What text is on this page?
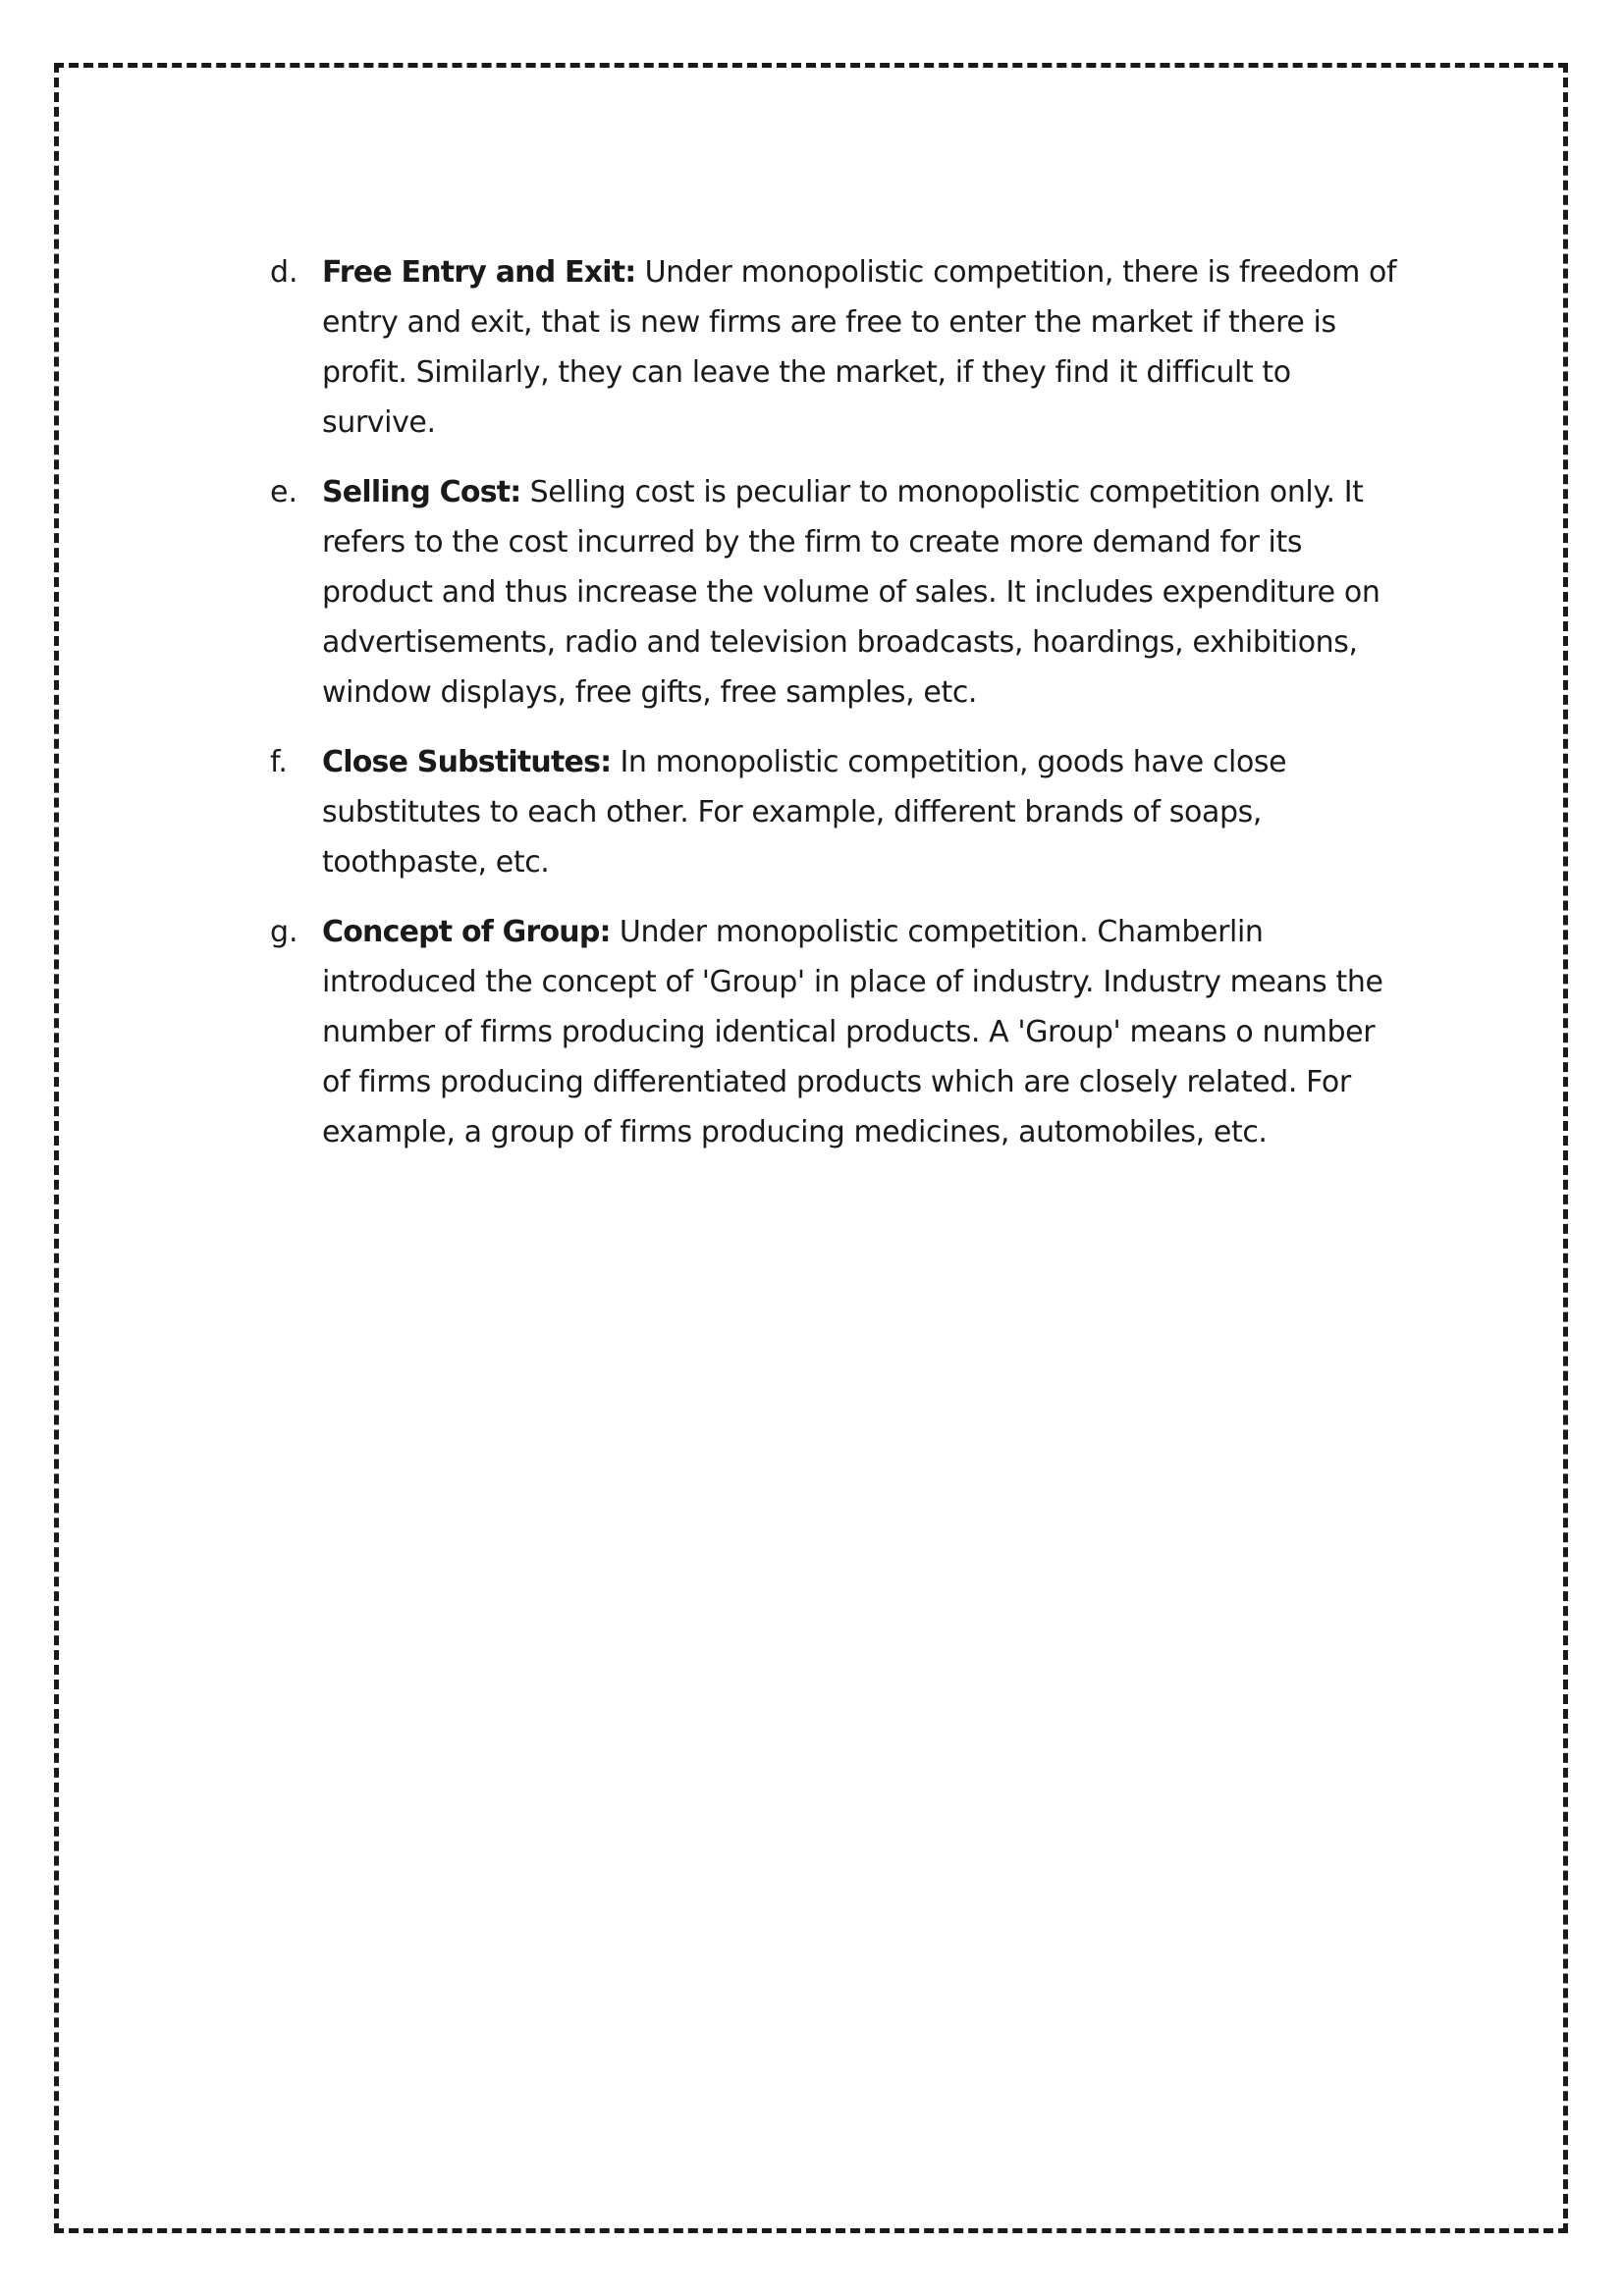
d. Free Entry and Exit: Under monopolistic competition, there is freedom of entry and exit, that is new firms are free to enter the market if there is profit. Similarly, they can leave the market, if they find it difficult to survive.
e. Selling Cost: Selling cost is peculiar to monopolistic competition only. It refers to the cost incurred by the firm to create more demand for its product and thus increase the volume of sales. It includes expenditure on advertisements, radio and television broadcasts, hoardings, exhibitions, window displays, free gifts, free samples, etc.
f.	Close Substitutes: In monopolistic competition, goods have close substitutes to each other. For example, different brands of soaps, toothpaste, etc.
g. Concept of Group: Under monopolistic competition. Chamberlin introduced the concept of 'Group' in place of industry. Industry means the number of firms producing identical products. A 'Group' means o number of firms producing differentiated products which are closely related. For example, a group of firms producing medicines, automobiles, etc.
